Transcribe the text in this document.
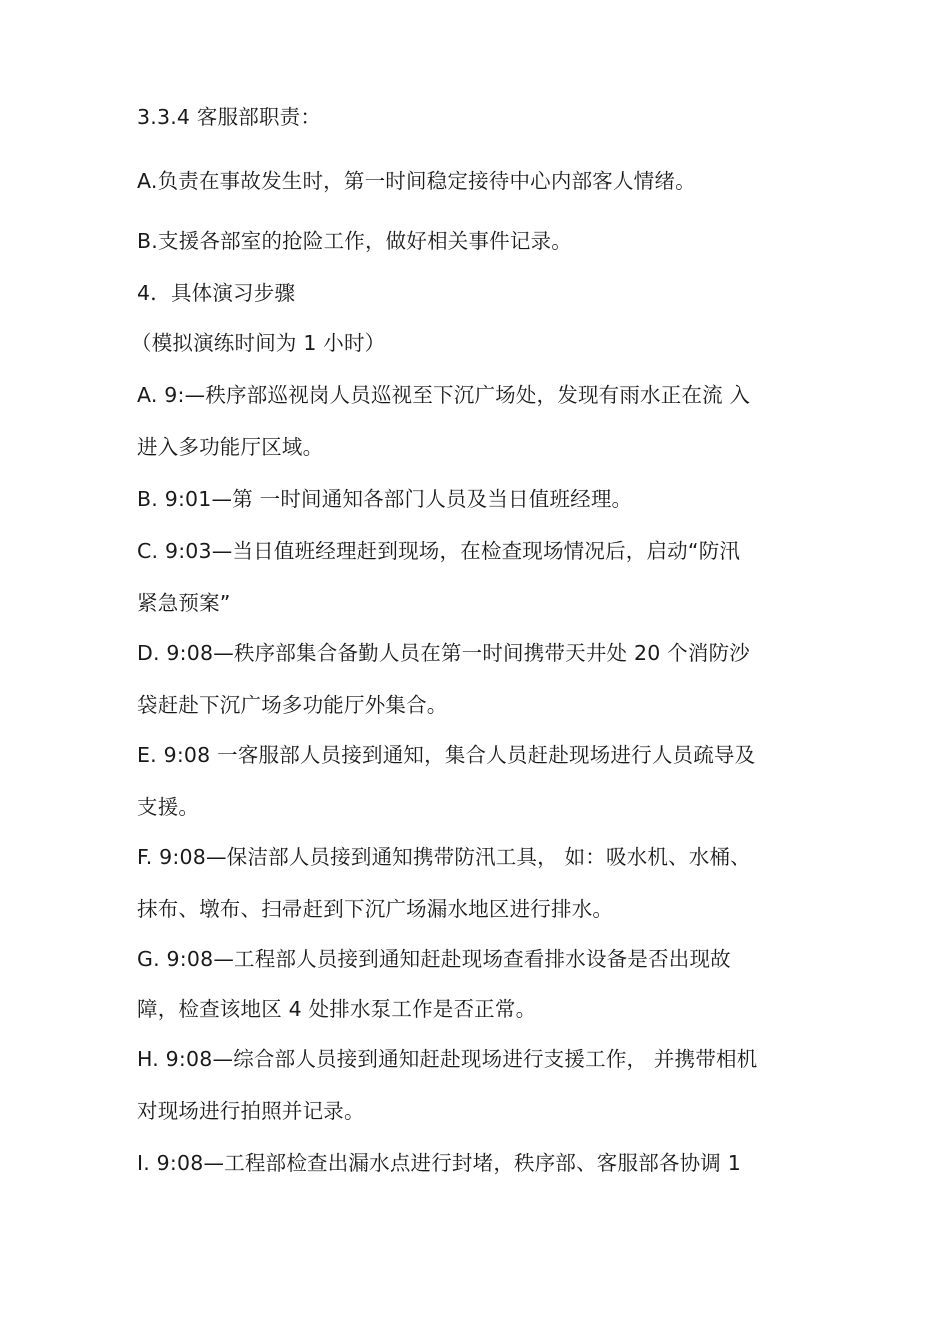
3.3.4 客服部职责：
A.负责在事故发生时，第一时间稳定接待中心内部客人情绪。
B.支援各部室的抢险工作，做好相关事件记录。
4．具体演习步骤
（模拟演练时间为 1 小时）
A. 9:—秩序部巡视岗人员巡视至下沉广场处，发现有雨水正在流 入
进入多功能厅区域。
B. 9:01—第 一时间通知各部门人员及当日值班经理。
C. 9:03—当日值班经理赶到现场，在检查现场情况后，启动“防汛
紧急预案”
D. 9:08—秩序部集合备勤人员在第一时间携带天井处 20 个消防沙
袋赶赴下沉广场多功能厅外集合。
E. 9:08 一客服部人员接到通知，集合人员赶赴现场进行人员疏导及
支援。
F. 9:08—保洁部人员接到通知携带防汛工具， 如：吸水机、水桶、
抹布、墩布、扫帚赶到下沉广场漏水地区进行排水。
G. 9:08—工程部人员接到通知赶赴现场查看排水设备是否出现故
障，检查该地区 4 处排水泵工作是否正常。
H. 9:08—综合部人员接到通知赶赴现场进行支援工作， 并携带相机
对现场进行拍照并记录。
I. 9:08—工程部检查出漏水点进行封堵，秩序部、客服部各协调 1
